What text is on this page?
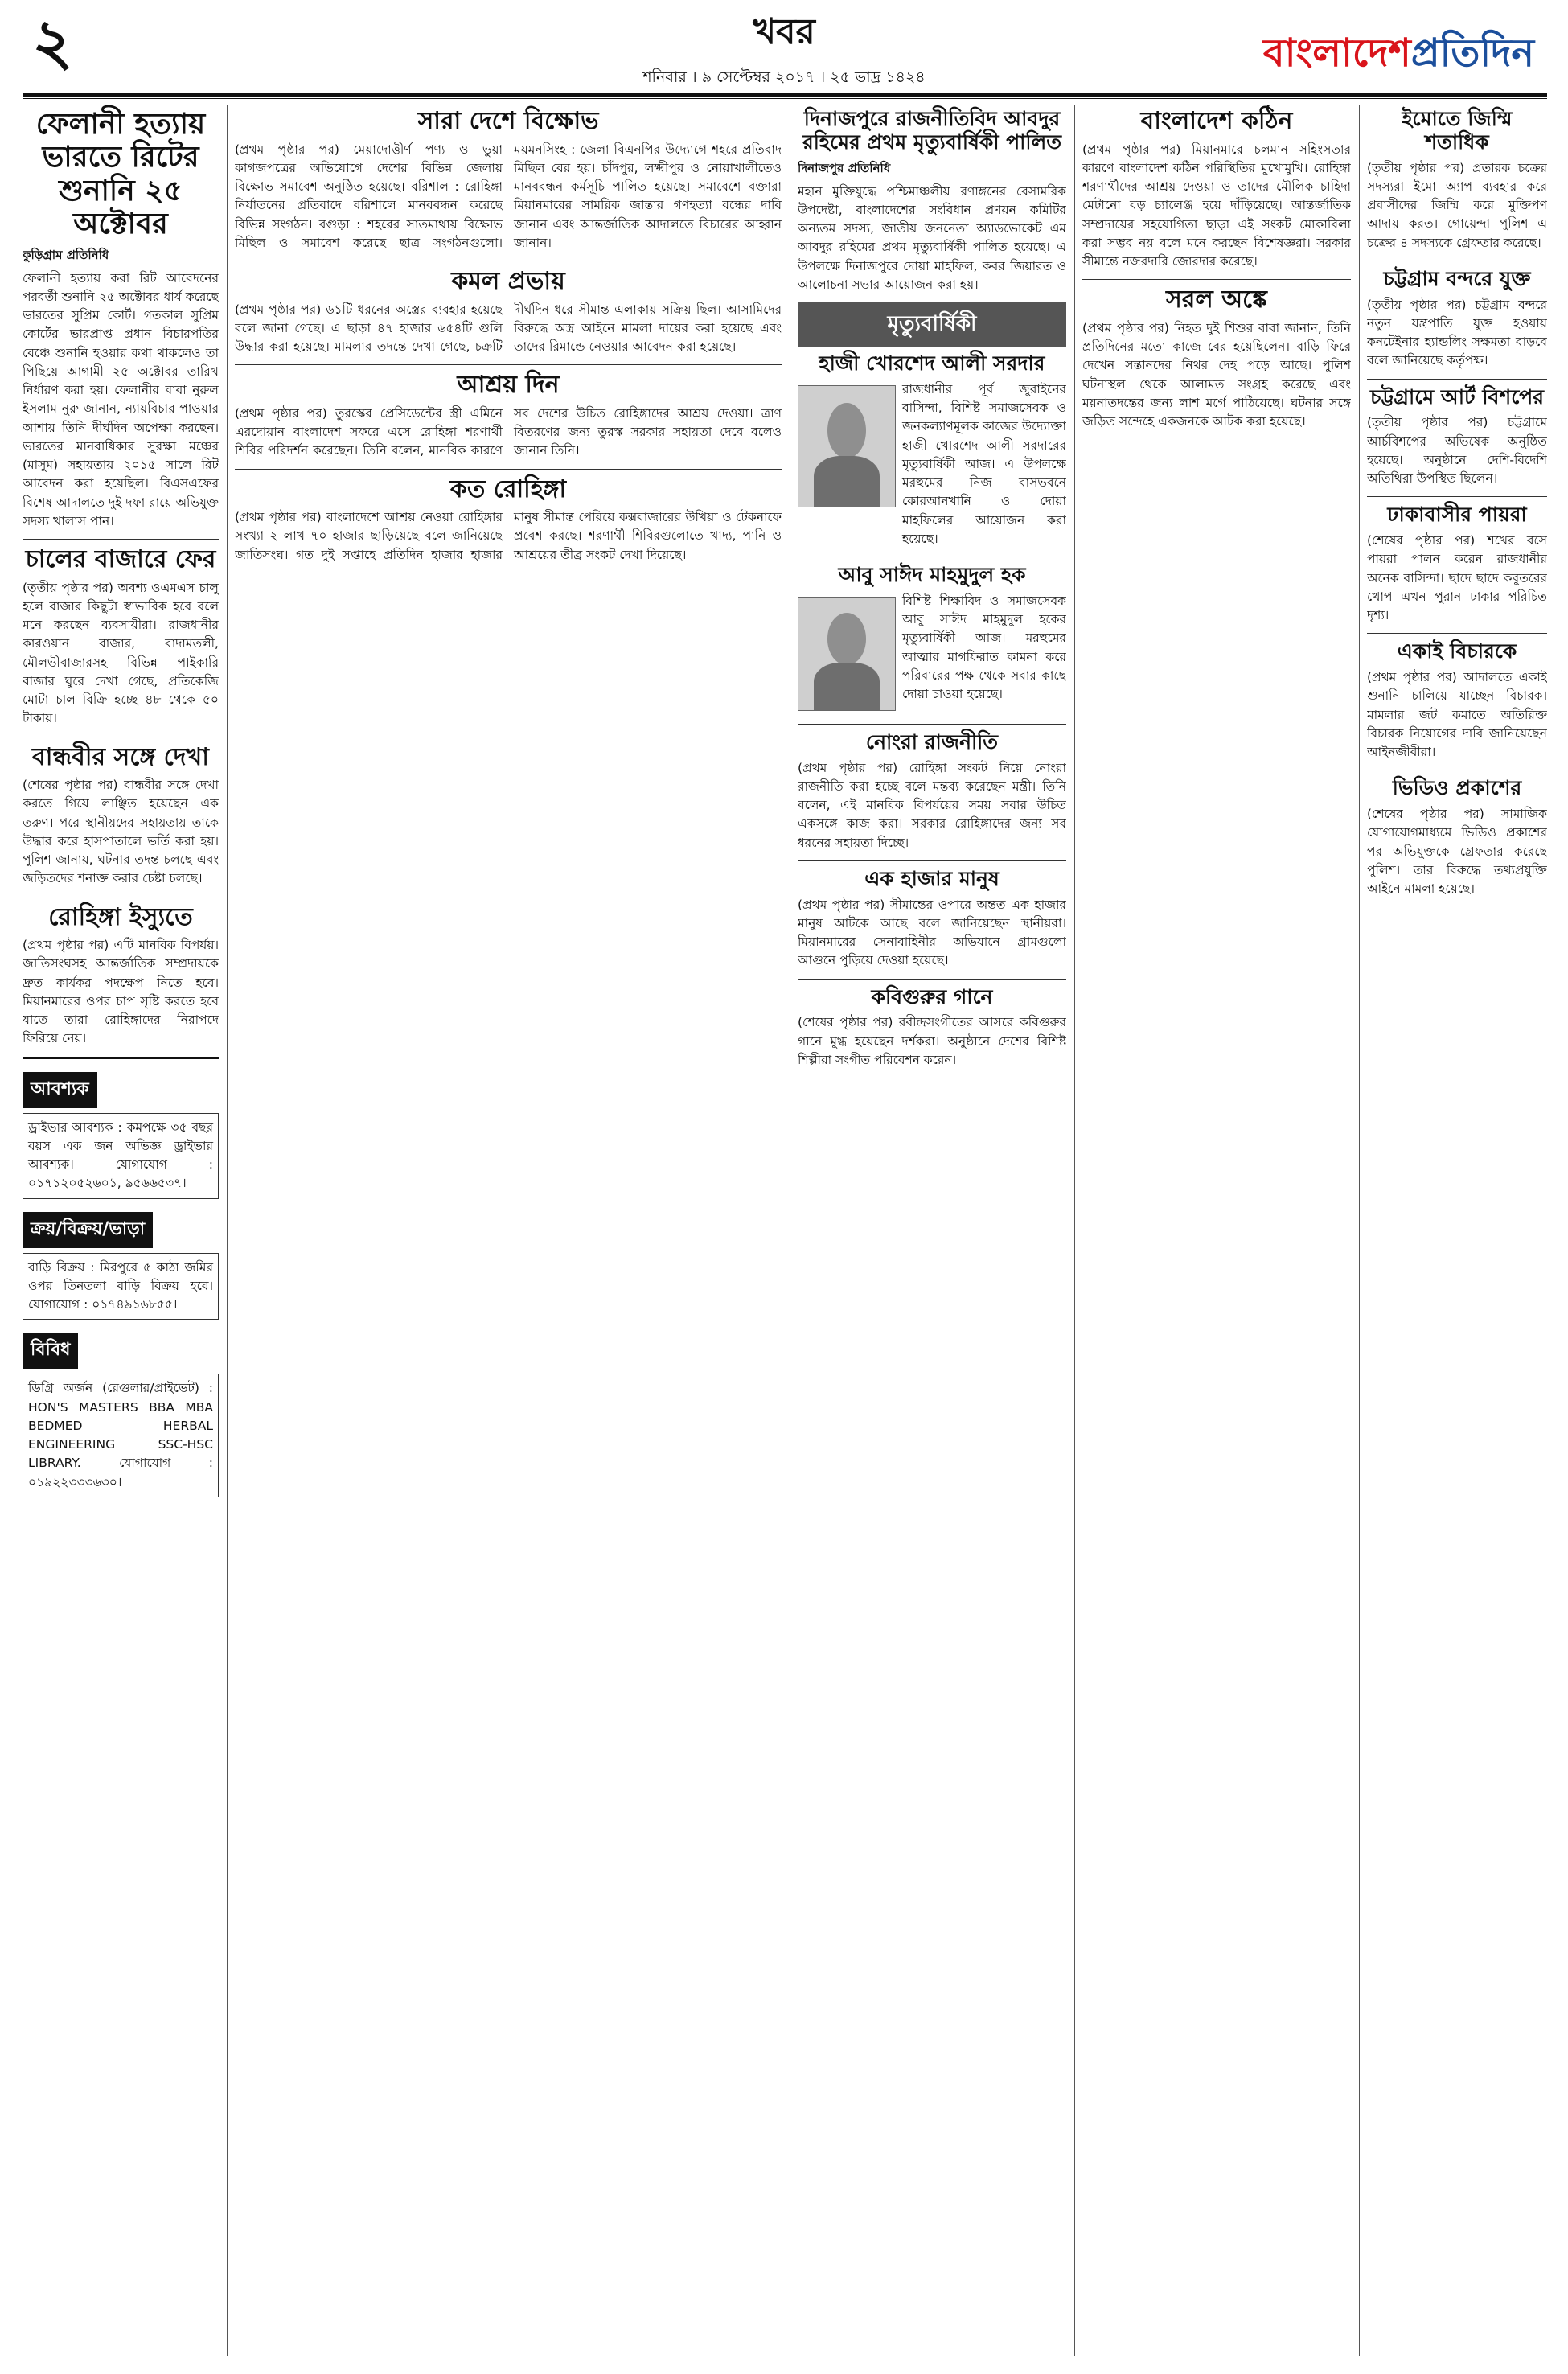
২	খবর
শনিবার । ৯ সেপ্টেম্বর ২০১৭ । ২৫ ভাদ্র ১৪২৪
বাংলাদেশপ্রতিদিন
ফেলানী হত্যায় ভারতে রিটের শুনানি ২৫ অক্টোবর
কুড়িগ্রাম প্রতিনিধি
ফেলানী হত্যায় করা রিট আবেদনের পরবর্তী শুনানি ২৫ অক্টোবর ধার্য করেছে ভারতের সুপ্রিম কোর্ট। গতকাল সুপ্রিম কোর্টের ভারপ্রাপ্ত প্রধান বিচারপতির বেঞ্চে শুনানি হওয়ার কথা থাকলেও তা পিছিয়ে আগামী ২৫ অক্টোবর তারিখ নির্ধারণ করা হয়। ফেলানীর বাবা নুরুল ইসলাম নুরু জানান, ন্যায়বিচার পাওয়ার আশায় তিনি দীর্ঘদিন অপেক্ষা করছেন। ভারতের মানবাধিকার সুরক্ষা মঞ্চের (মাসুম) সহায়তায় ২০১৫ সালে রিট আবেদন করা হয়েছিল। বিএসএফের বিশেষ আদালতে দুই দফা রায়ে অভিযুক্ত সদস্য খালাস পান।
চালের বাজারে ফের
(তৃতীয় পৃষ্ঠার পর) অবশ্য ওএমএস চালু হলে বাজার কিছুটা স্বাভাবিক হবে বলে মনে করছেন ব্যবসায়ীরা। রাজধানীর কারওয়ান বাজার, বাদামতলী, মৌলভীবাজারসহ বিভিন্ন পাইকারি বাজার ঘুরে দেখা গেছে, প্রতিকেজি মোটা চাল বিক্রি হচ্ছে ৪৮ থেকে ৫০ টাকায়।
বান্ধবীর সঙ্গে দেখা
(শেষের পৃষ্ঠার পর) বান্ধবীর সঙ্গে দেখা করতে গিয়ে লাঞ্ছিত হয়েছেন এক তরুণ। পরে স্থানীয়দের সহায়তায় তাকে উদ্ধার করে হাসপাতালে ভর্তি করা হয়। পুলিশ জানায়, ঘটনার তদন্ত চলছে এবং জড়িতদের শনাক্ত করার চেষ্টা চলছে।
রোহিঙ্গা ইস্যুতে
(প্রথম পৃষ্ঠার পর) এটি মানবিক বিপর্যয়। জাতিসংঘসহ আন্তর্জাতিক সম্প্রদায়কে দ্রুত কার্যকর পদক্ষেপ নিতে হবে। মিয়ানমারের ওপর চাপ সৃষ্টি করতে হবে যাতে তারা রোহিঙ্গাদের নিরাপদে ফিরিয়ে নেয়।
আবশ্যক
ড্রাইভার আবশ্যক : কমপক্ষে ৩৫ বছর বয়স এক জন অভিজ্ঞ ড্রাইভার আবশ্যক। যোগাযোগ : ০১৭১২০৫২৬০১, ৯৫৬৬৫৩৭।
ক্রয়/বিক্রয়/ভাড়া
বাড়ি বিক্রয় : মিরপুরে ৫ কাঠা জমির ওপর তিনতলা বাড়ি বিক্রয় হবে। যোগাযোগ : ০১৭৪৯১৬৮৫৫।
বিবিধ
ডিগ্রি অর্জন (রেগুলার/প্রাইভেট) : HON'S MASTERS BBA MBA BEDMED HERBAL ENGINEERING SSC-HSC LIBRARY. যোগাযোগ : ০১৯২২৩৩৩৬৩০।
সারা দেশে বিক্ষোভ
(প্রথম পৃষ্ঠার পর) মেয়াদোত্তীর্ণ পণ্য ও ভুয়া কাগজপত্রের অভিযোগে দেশের বিভিন্ন জেলায় বিক্ষোভ সমাবেশ অনুষ্ঠিত হয়েছে। বরিশাল : রোহিঙ্গা নির্যাতনের প্রতিবাদে বরিশালে মানববন্ধন করেছে বিভিন্ন সংগঠন। বগুড়া : শহরের সাতমাথায় বিক্ষোভ মিছিল ও সমাবেশ করেছে ছাত্র সংগঠনগুলো। ময়মনসিংহ : জেলা বিএনপির উদ্যোগে শহরে প্রতিবাদ মিছিল বের হয়। চাঁদপুর, লক্ষ্মীপুর ও নোয়াখালীতেও মানববন্ধন কর্মসূচি পালিত হয়েছে। সমাবেশে বক্তারা মিয়ানমারের সামরিক জান্তার গণহত্যা বন্ধের দাবি জানান এবং আন্তর্জাতিক আদালতে বিচারের আহ্বান জানান।
কমল প্রভায়
(প্রথম পৃষ্ঠার পর) ৬১টি ধরনের অস্ত্রের ব্যবহার হয়েছে বলে জানা গেছে। এ ছাড়া ৪৭ হাজার ৬৫৪টি গুলি উদ্ধার করা হয়েছে। মামলার তদন্তে দেখা গেছে, চক্রটি দীর্ঘদিন ধরে সীমান্ত এলাকায় সক্রিয় ছিল। আসামিদের বিরুদ্ধে অস্ত্র আইনে মামলা দায়ের করা হয়েছে এবং তাদের রিমান্ডে নেওয়ার আবেদন করা হয়েছে।
আশ্রয় দিন
(প্রথম পৃষ্ঠার পর) তুরস্কের প্রেসিডেন্টের স্ত্রী এমিনে এরদোয়ান বাংলাদেশ সফরে এসে রোহিঙ্গা শরণার্থী শিবির পরিদর্শন করেছেন। তিনি বলেন, মানবিক কারণে সব দেশের উচিত রোহিঙ্গাদের আশ্রয় দেওয়া। ত্রাণ বিতরণের জন্য তুরস্ক সরকার সহায়তা দেবে বলেও জানান তিনি।
কত রোহিঙ্গা
(প্রথম পৃষ্ঠার পর) বাংলাদেশে আশ্রয় নেওয়া রোহিঙ্গার সংখ্যা ২ লাখ ৭০ হাজার ছাড়িয়েছে বলে জানিয়েছে জাতিসংঘ। গত দুই সপ্তাহে প্রতিদিন হাজার হাজার মানুষ সীমান্ত পেরিয়ে কক্সবাজারের উখিয়া ও টেকনাফে প্রবেশ করছে। শরণার্থী শিবিরগুলোতে খাদ্য, পানি ও আশ্রয়ের তীব্র সংকট দেখা দিয়েছে।
দিনাজপুরে রাজনীতিবিদ আবদুর রহিমের প্রথম মৃত্যুবার্ষিকী পালিত
দিনাজপুর প্রতিনিধি
মহান মুক্তিযুদ্ধে পশ্চিমাঞ্চলীয় রণাঙ্গনের বেসামরিক উপদেষ্টা, বাংলাদেশের সংবিধান প্রণয়ন কমিটির অন্যতম সদস্য, জাতীয় জননেতা অ্যাডভোকেট এম আবদুর রহিমের প্রথম মৃত্যুবার্ষিকী পালিত হয়েছে। এ উপলক্ষে দিনাজপুরে দোয়া মাহফিল, কবর জিয়ারত ও আলোচনা সভার আয়োজন করা হয়।
মৃত্যুবার্ষিকী
হাজী খোরশেদ আলী সরদার
রাজধানীর পূর্ব জুরাইনের বাসিন্দা, বিশিষ্ট সমাজসেবক ও জনকল্যাণমূলক কাজের উদ্যোক্তা হাজী খোরশেদ আলী সরদারের মৃত্যুবার্ষিকী আজ। এ উপলক্ষে মরহুমের নিজ বাসভবনে কোরআনখানি ও দোয়া মাহফিলের আয়োজন করা হয়েছে।
আবু সাঈদ মাহমুদুল হক
বিশিষ্ট শিক্ষাবিদ ও সমাজসেবক আবু সাঈদ মাহমুদুল হকের মৃত্যুবার্ষিকী আজ। মরহুমের আত্মার মাগফিরাত কামনা করে পরিবারের পক্ষ থেকে সবার কাছে দোয়া চাওয়া হয়েছে।
নোংরা রাজনীতি
(প্রথম পৃষ্ঠার পর) রোহিঙ্গা সংকট নিয়ে নোংরা রাজনীতি করা হচ্ছে বলে মন্তব্য করেছেন মন্ত্রী। তিনি বলেন, এই মানবিক বিপর্যয়ের সময় সবার উচিত একসঙ্গে কাজ করা। সরকার রোহিঙ্গাদের জন্য সব ধরনের সহায়তা দিচ্ছে।
এক হাজার মানুষ
(প্রথম পৃষ্ঠার পর) সীমান্তের ওপারে অন্তত এক হাজার মানুষ আটকে আছে বলে জানিয়েছেন স্থানীয়রা। মিয়ানমারের সেনাবাহিনীর অভিযানে গ্রামগুলো আগুনে পুড়িয়ে দেওয়া হয়েছে।
কবিগুরুর গানে
(শেষের পৃষ্ঠার পর) রবীন্দ্রসংগীতের আসরে কবিগুরুর গানে মুগ্ধ হয়েছেন দর্শকরা। অনুষ্ঠানে দেশের বিশিষ্ট শিল্পীরা সংগীত পরিবেশন করেন।
বাংলাদেশ কঠিন
(প্রথম পৃষ্ঠার পর) মিয়ানমারে চলমান সহিংসতার কারণে বাংলাদেশ কঠিন পরিস্থিতির মুখোমুখি। রোহিঙ্গা শরণার্থীদের আশ্রয় দেওয়া ও তাদের মৌলিক চাহিদা মেটানো বড় চ্যালেঞ্জ হয়ে দাঁড়িয়েছে। আন্তর্জাতিক সম্প্রদায়ের সহযোগিতা ছাড়া এই সংকট মোকাবিলা করা সম্ভব নয় বলে মনে করছেন বিশেষজ্ঞরা। সরকার সীমান্তে নজরদারি জোরদার করেছে।
সরল অঙ্কে
(প্রথম পৃষ্ঠার পর) নিহত দুই শিশুর বাবা জানান, তিনি প্রতিদিনের মতো কাজে বের হয়েছিলেন। বাড়ি ফিরে দেখেন সন্তানদের নিথর দেহ পড়ে আছে। পুলিশ ঘটনাস্থল থেকে আলামত সংগ্রহ করেছে এবং ময়নাতদন্তের জন্য লাশ মর্গে পাঠিয়েছে। ঘটনার সঙ্গে জড়িত সন্দেহে একজনকে আটক করা হয়েছে।
ইমোতে জিম্মি শতাধিক
(তৃতীয় পৃষ্ঠার পর) প্রতারক চক্রের সদস্যরা ইমো অ্যাপ ব্যবহার করে প্রবাসীদের জিম্মি করে মুক্তিপণ আদায় করত। গোয়েন্দা পুলিশ এ চক্রের ৪ সদস্যকে গ্রেফতার করেছে।
চট্টগ্রাম বন্দরে যুক্ত
(তৃতীয় পৃষ্ঠার পর) চট্টগ্রাম বন্দরে নতুন যন্ত্রপাতি যুক্ত হওয়ায় কনটেইনার হ্যান্ডলিং সক্ষমতা বাড়বে বলে জানিয়েছে কর্তৃপক্ষ।
চট্টগ্রামে আর্ট বিশপের
(তৃতীয় পৃষ্ঠার পর) চট্টগ্রামে আর্চবিশপের অভিষেক অনুষ্ঠিত হয়েছে। অনুষ্ঠানে দেশি-বিদেশি অতিথিরা উপস্থিত ছিলেন।
ঢাকাবাসীর পায়রা
(শেষের পৃষ্ঠার পর) শখের বসে পায়রা পালন করেন রাজধানীর অনেক বাসিন্দা। ছাদে ছাদে কবুতরের খোপ এখন পুরান ঢাকার পরিচিত দৃশ্য।
একাই বিচারকে
(প্রথম পৃষ্ঠার পর) আদালতে একাই শুনানি চালিয়ে যাচ্ছেন বিচারক। মামলার জট কমাতে অতিরিক্ত বিচারক নিয়োগের দাবি জানিয়েছেন আইনজীবীরা।
ভিডিও প্রকাশের
(শেষের পৃষ্ঠার পর) সামাজিক যোগাযোগমাধ্যমে ভিডিও প্রকাশের পর অভিযুক্তকে গ্রেফতার করেছে পুলিশ। তার বিরুদ্ধে তথ্যপ্রযুক্তি আইনে মামলা হয়েছে।
